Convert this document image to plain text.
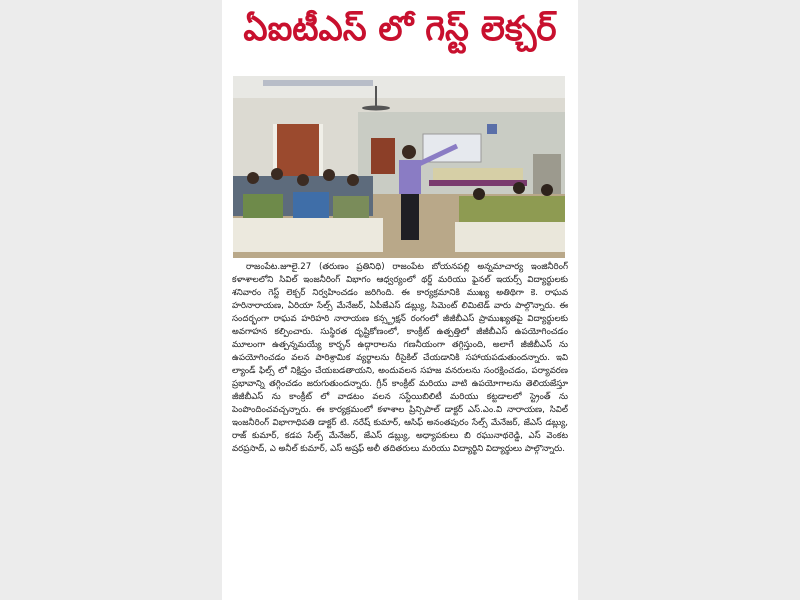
ఏఐటీఎస్ లో గెస్ట్ లెక్చర్

రాజంపేట.జూలై.27 (తరుణం ప్రతినిధి) రాజంపేట బోయనపల్లి అన్నమాచార్య ఇంజినీరింగ్ కళాశాలలోని సివిల్ ఇంజనీరింగ్ విభాగం ఆధ్వర్యంలో థర్డ్ మరియు ఫైనల్ ఇయర్స్ విద్యార్థులకు శనివారం గెస్ట్ లెక్చర్ నిర్వహించడం జరిగింది. ఈ కార్యక్రమానికి ముఖ్య అతిథిగా కె. రాఘవ హరినారాయణ, ఏరియా సేల్స్ మేనేజర్, ఏపీజేఎస్ డబ్ల్యు, సిమెంట్ లిమిటెడ్ వారు పాల్గొన్నారు. ఈ సందర్భంగా రాఘవ హరిహరి నారాయణ కన్స్ట్రక్షన్ రంగంలో జీజీబీఎస్ ప్రాముఖ్యతపై విద్యార్థులకు అవగాహన కల్పించారు. సుస్థిరత దృష్టికోణంలో, కాంక్రీట్ ఉత్పత్తిలో జీజీబీఎస్ ఉపయోగించడం మూలంగా ఉత్పన్నమయ్యే కార్బన్ ఉద్గారాలను గణనీయంగా తగ్గిస్తుంది, అలాగే జీజీబీఎస్ ను ఉపయోగించడం వలన పారిశ్రామిక వ్యర్థాలను రీసైకిల్ చేయడానికి సహాయపడుతుందన్నారు. ఇవి ల్యాండ్ ఫిల్స్ లో నిక్షిప్తం చేయబడతాయని, అందువలన సహజ వనరులను సంరక్షించడం, పర్యావరణ ప్రభావాన్ని తగ్గించడం జరుగుతుందన్నారు. గ్రీన్ కాంక్రీట్ మరియు వాటి ఉపయోగాలను తెలియజేస్తూ జీజీబీఎస్ ను కాంక్రీట్ లో వాడటం వలన సస్టేయిబిలిటీ మరియు కట్టడాలలో స్ట్రెంత్ ను పెంపొందించవచ్చన్నారు. ఈ కార్యక్రమంలో కళాశాల ప్రిన్సిపాల్ డాక్టర్ ఎస్.ఎం.వి నారాయణ, సివిల్ ఇంజనీరింగ్ విభాగాధిపతి డాక్టర్ టి. నరేష్ కుమార్, ఆసిఫ్ అనంతపురం సేల్స్ మేనేజర్, జేఎస్ డబ్ల్యు, రాజ్ కుమార్, కడప సేల్స్ మేనేజర్, జేఎస్ డబ్ల్యు, అధ్యాపకులు బి రఘునాథరెడ్డి, ఎస్ వెంకట వరప్రసాద్, ఎ అనీల్ కుమార్, ఎస్ అష్రఫ్ అలీ తదితరులు మరియు విద్యార్థిని విద్యార్థులు పాల్గొన్నారు.
